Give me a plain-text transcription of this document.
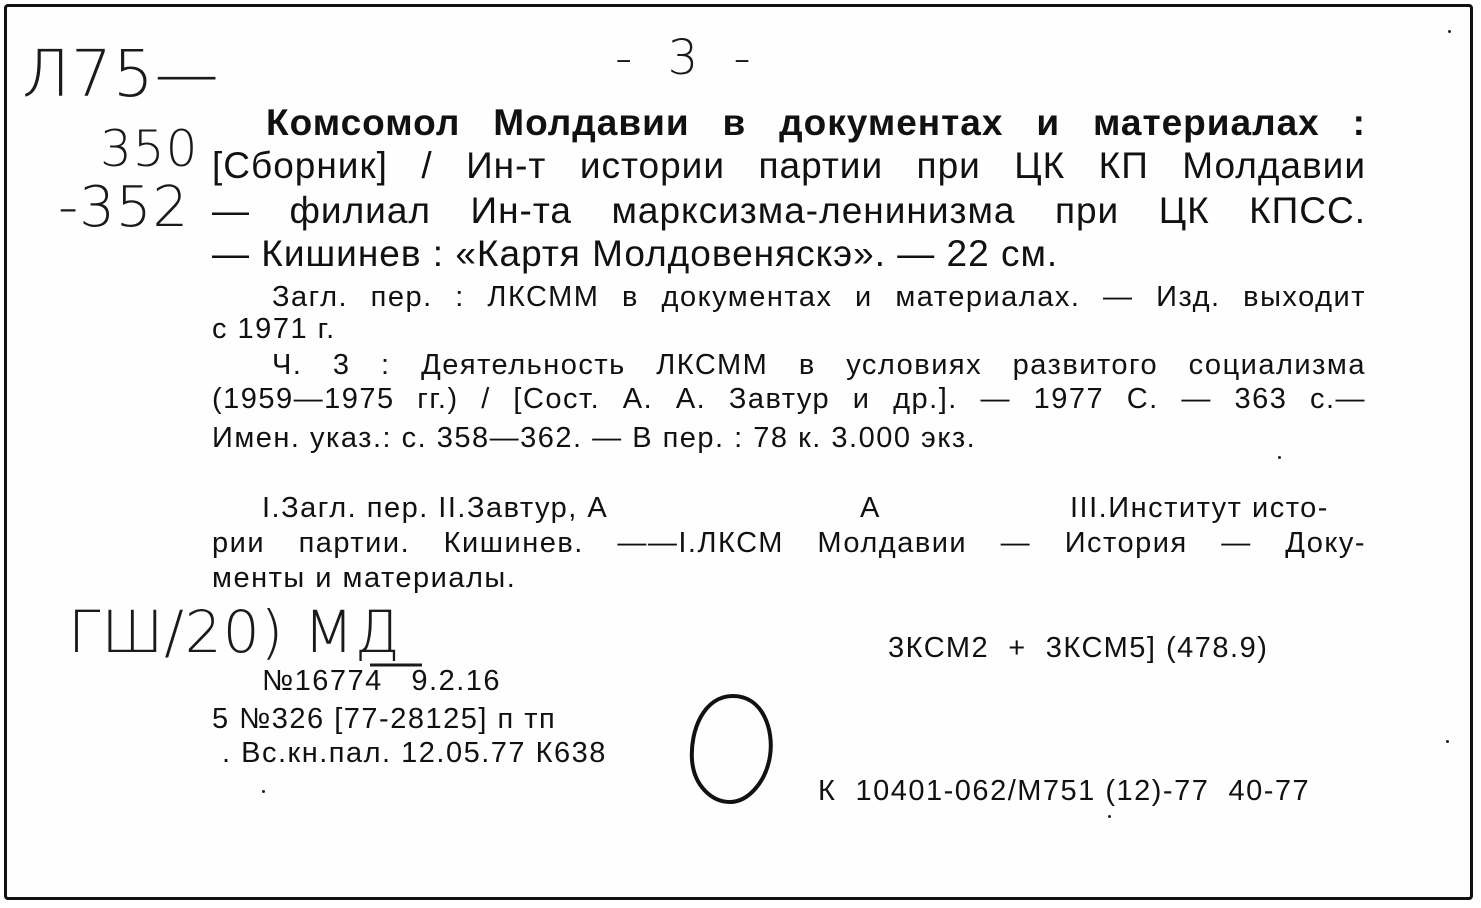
- 3 -
Л75—
350
-352
Комсомол Молдавии в документах и материалах :
[Сборник] / Ин-т истории партии при ЦК КП Молдавии
— филиал Ин-та марксизма-ленинизма при ЦК КПСС.
— Кишинев : «Картя Молдовеняскэ». — 22 см.
Загл. пер. : ЛКСММ в документах и материалах. — Изд. выходит
с 1971 г.
Ч. 3 : Деятельность ЛКСММ в условиях развитого социализма
(1959—1975 гг.) / [Сост. А. А. Завтур и др.]. — 1977 С. — 363 с.—
Имен. указ.: с. 358—362. — В пер. : 78 к. 3.000 экз.
I.Загл. пер. II.Завтур, А	А	III.Институт исто-
рии партии. Кишинев. ——I.ЛКСМ Молдавии — История — Доку-
менты и материалы.
ГШ/20) МД	3КСМ2  +  3КСМ5] (478.9)
№16774   9.2.16
5 №326 [77-28125] п тп
. Вс.кн.пал. 12.05.77 К638
К  10401-062/М751 (12)-77  40-77
